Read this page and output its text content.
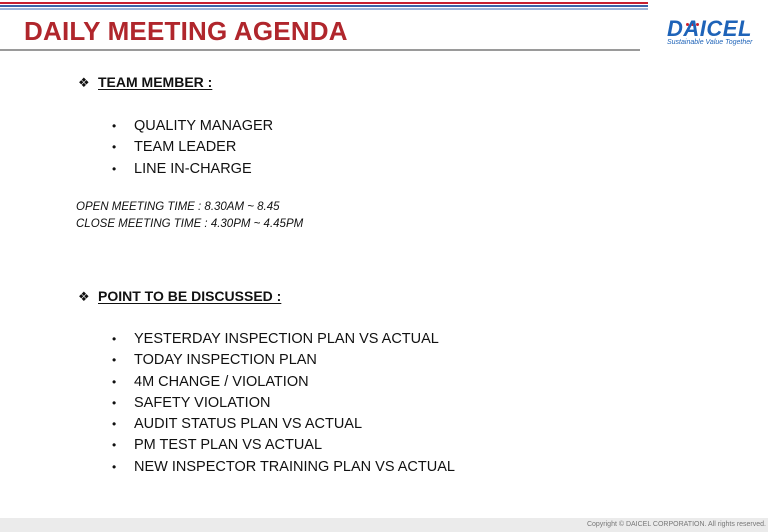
DAILY MEETING AGENDA	DAICEL
Sustainable Value Together
❖ TEAM MEMBER :
• QUALITY MANAGER
• TEAM LEADER
• LINE IN-CHARGE
OPEN MEETING TIME : 8.30AM ~ 8.45
CLOSE MEETING TIME : 4.30PM ~ 4.45PM
❖ POINT TO BE DISCUSSED :
• YESTERDAY INSPECTION PLAN VS ACTUAL
• TODAY INSPECTION PLAN
• 4M CHANGE / VIOLATION
• SAFETY VIOLATION
• AUDIT STATUS PLAN VS ACTUAL
• PM TEST PLAN VS ACTUAL
• NEW INSPECTOR TRAINING PLAN VS ACTUAL
Copyright © DAICEL CORPORATION. All rights reserved.
